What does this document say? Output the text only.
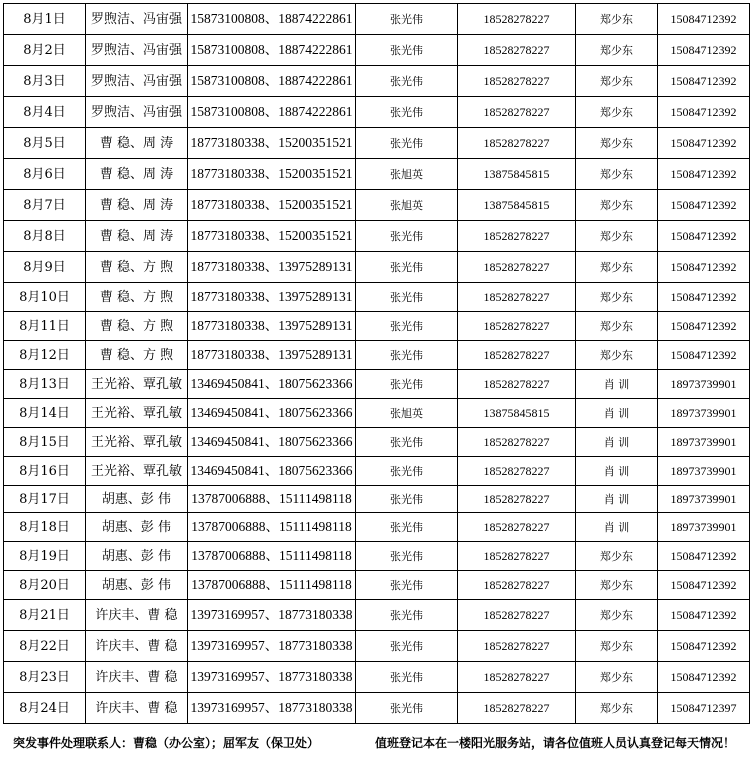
8月1日	罗煦洁、冯宙强	15873100808、18874222861	张光伟	18528278227	郑少东	15084712392
8月2日	罗煦洁、冯宙强	15873100808、18874222861	张光伟	18528278227	郑少东	15084712392
8月3日	罗煦洁、冯宙强	15873100808、18874222861	张光伟	18528278227	郑少东	15084712392
8月4日	罗煦洁、冯宙强	15873100808、18874222861	张光伟	18528278227	郑少东	15084712392
8月5日	曹 稳、周 涛	18773180338、15200351521	张光伟	18528278227	郑少东	15084712392
8月6日	曹 稳、周 涛	18773180338、15200351521	张旭英	13875845815	郑少东	15084712392
8月7日	曹 稳、周 涛	18773180338、15200351521	张旭英	13875845815	郑少东	15084712392
8月8日	曹 稳、周 涛	18773180338、15200351521	张光伟	18528278227	郑少东	15084712392
8月9日	曹 稳、方 煦	18773180338、13975289131	张光伟	18528278227	郑少东	15084712392
8月10日	曹 稳、方 煦	18773180338、13975289131	张光伟	18528278227	郑少东	15084712392
8月11日	曹 稳、方 煦	18773180338、13975289131	张光伟	18528278227	郑少东	15084712392
8月12日	曹 稳、方 煦	18773180338、13975289131	张光伟	18528278227	郑少东	15084712392
8月13日	王光裕、覃孔敏	13469450841、18075623366	张光伟	18528278227	肖 训	18973739901
8月14日	王光裕、覃孔敏	13469450841、18075623366	张旭英	13875845815	肖 训	18973739901
8月15日	王光裕、覃孔敏	13469450841、18075623366	张光伟	18528278227	肖 训	18973739901
8月16日	王光裕、覃孔敏	13469450841、18075623366	张光伟	18528278227	肖 训	18973739901
8月17日	胡惠、彭 伟	13787006888、15111498118	张光伟	18528278227	肖 训	18973739901
8月18日	胡惠、彭 伟	13787006888、15111498118	张光伟	18528278227	肖 训	18973739901
8月19日	胡惠、彭 伟	13787006888、15111498118	张光伟	18528278227	郑少东	15084712392
8月20日	胡惠、彭 伟	13787006888、15111498118	张光伟	18528278227	郑少东	15084712392
8月21日	许庆丰、曹 稳	13973169957、18773180338	张光伟	18528278227	郑少东	15084712392
8月22日	许庆丰、曹 稳	13973169957、18773180338	张光伟	18528278227	郑少东	15084712392
8月23日	许庆丰、曹 稳	13973169957、18773180338	张光伟	18528278227	郑少东	15084712392
8月24日	许庆丰、曹 稳	13973169957、18773180338	张光伟	18528278227	郑少东	15084712397
突发事件处理联系人：曹稳（办公室）；屈军友（保卫处）	值班登记本在一楼阳光服务站，请各位值班人员认真登记每天情况！
